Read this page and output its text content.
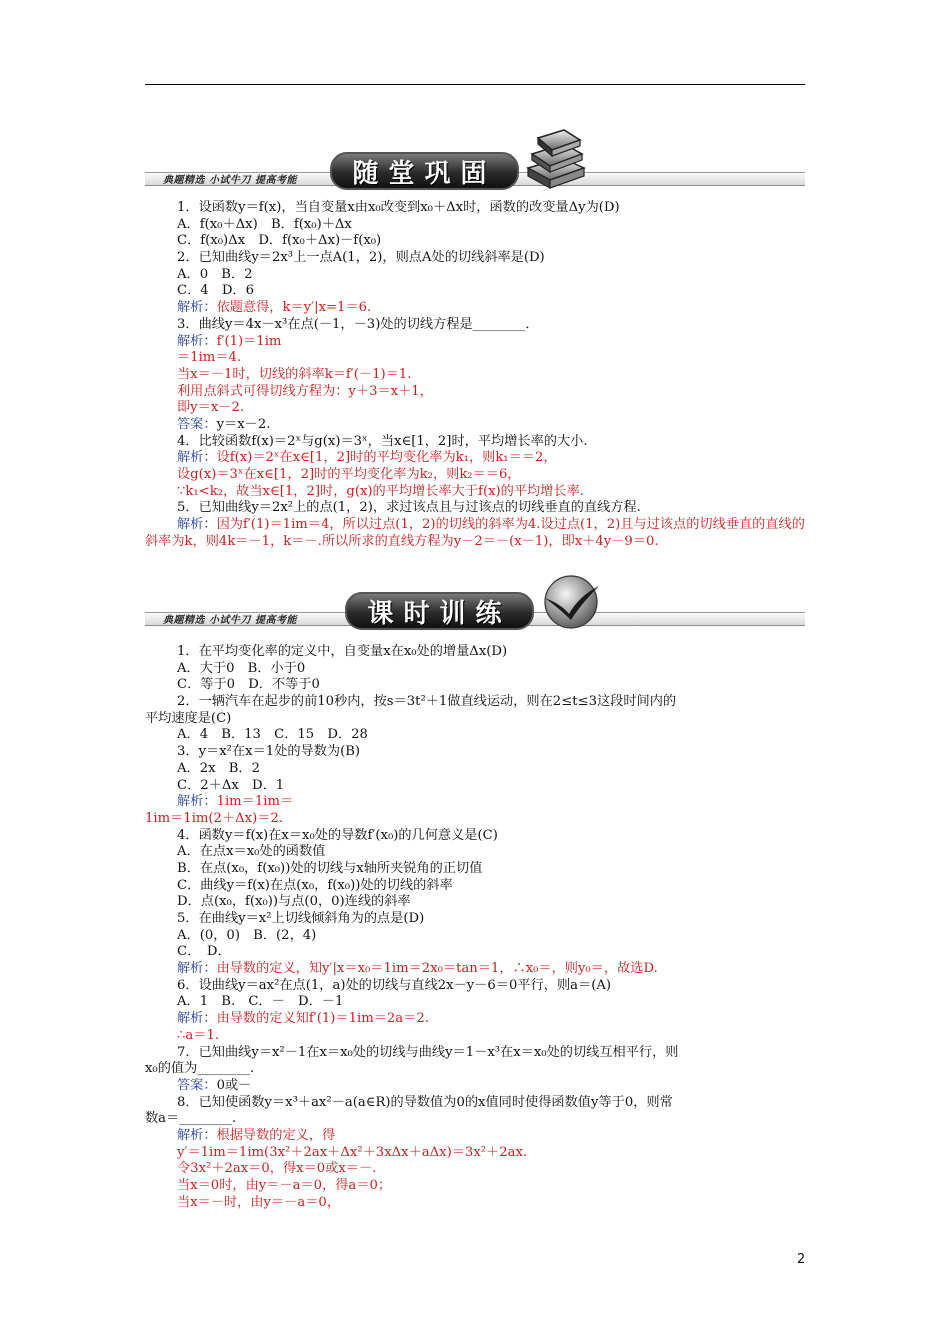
典题精选 小试牛刀 提高考能 随堂巩固
1．设函数y＝f(x)，当自变量x由x₀改变到x₀＋Δx时，函数的改变量Δy为(D)
A．f(x₀＋Δx)　B．f(x₀)＋Δx
C．f(x₀)Δx　D．f(x₀＋Δx)－f(x₀)
2．已知曲线y＝2x³上一点A(1，2)，则点A处的切线斜率是(D)
A．0　B．2
C．4　D．6
解析：依题意得，k＝y′|x=1＝6.
3．曲线y＝4x－x³在点(－1，－3)处的切线方程是________．
解析：f′(1)＝1im
＝1im＝4.
当x＝－1时，切线的斜率k＝f′(－1)＝1.
利用点斜式可得切线方程为：y＋3＝x＋1，
即y＝x－2.
答案：y＝x－2.
4．比较函数f(x)＝2ˣ与g(x)＝3ˣ，当x∈[1，2]时，平均增长率的大小.
解析：设f(x)＝2ˣ在x∈[1，2]时的平均变化率为k₁，则k₁＝＝2，
设g(x)＝3ˣ在x∈[1，2]时的平均变化率为k₂，则k₂＝＝6，
∵k₁<k₂，故当x∈[1，2]时，g(x)的平均增长率大于f(x)的平均增长率.
5．已知曲线y＝2x²上的点(1，2)，求过该点且与过该点的切线垂直的直线方程.
解析：因为f′(1)＝1im＝4，所以过点(1，2)的切线的斜率为4.设过点(1，2)且与过该点的切线垂直的直线的斜率为k，则4k＝－1，k＝－.所以所求的直线方程为y－2＝－(x－1)，即x＋4y－9＝0.
典题精选 小试牛刀 提高考能	课时训练
1．在平均变化率的定义中，自变量x在x₀处的增量Δx(D)
A．大于0　B．小于0
C．等于0　D．不等于0
2．一辆汽车在起步的前10秒内，按s＝3t²＋1做直线运动，则在2≤t≤3这段时间内的
平均速度是(C)
A．4　B．13　C．15　D．28
3．y＝x²在x＝1处的导数为(B)
A．2x　B．2
C．2＋Δx　D．1
解析：1im＝1im＝
1im＝1im(2＋Δx)＝2.
4．函数y＝f(x)在x＝x₀处的导数f′(x₀)的几何意义是(C)
A．在点x＝x₀处的函数值
B．在点(x₀，f(x₀))处的切线与x轴所夹锐角的正切值
C．曲线y＝f(x)在点(x₀，f(x₀))处的切线的斜率
D．点(x₀，f(x₀))与点(0，0)连线的斜率
5．在曲线y＝x²上切线倾斜角为的点是(D)
A．(0，0)　B．(2，4)
C．　D．
解析：由导数的定义，知y′|x＝x₀＝1im＝2x₀＝tan＝1，∴x₀＝，则y₀＝，故选D.
6．设曲线y＝ax²在点(1，a)处的切线与直线2x－y－6＝0平行，则a＝(A)
A．1　B.　C．－　D．－1
解析：由导数的定义知f′(1)＝1im＝2a＝2.
∴a＝1.
7．已知曲线y＝x²－1在x＝x₀处的切线与曲线y＝1－x³在x＝x₀处的切线互相平行，则
x₀的值为________.
答案：0或－
8．已知使函数y＝x³＋ax²－a(a∈R)的导数值为0的x值同时使得函数值y等于0，则常
数a＝________.
解析：根据导数的定义，得
y′＝1im＝1im(3x²＋2ax＋Δx²＋3xΔx＋aΔx)＝3x²＋2ax.
令3x²＋2ax＝0，得x＝0或x＝－.
当x＝0时，由y＝－a＝0，得a＝0；
当x＝－时，由y＝－a＝0，
2
